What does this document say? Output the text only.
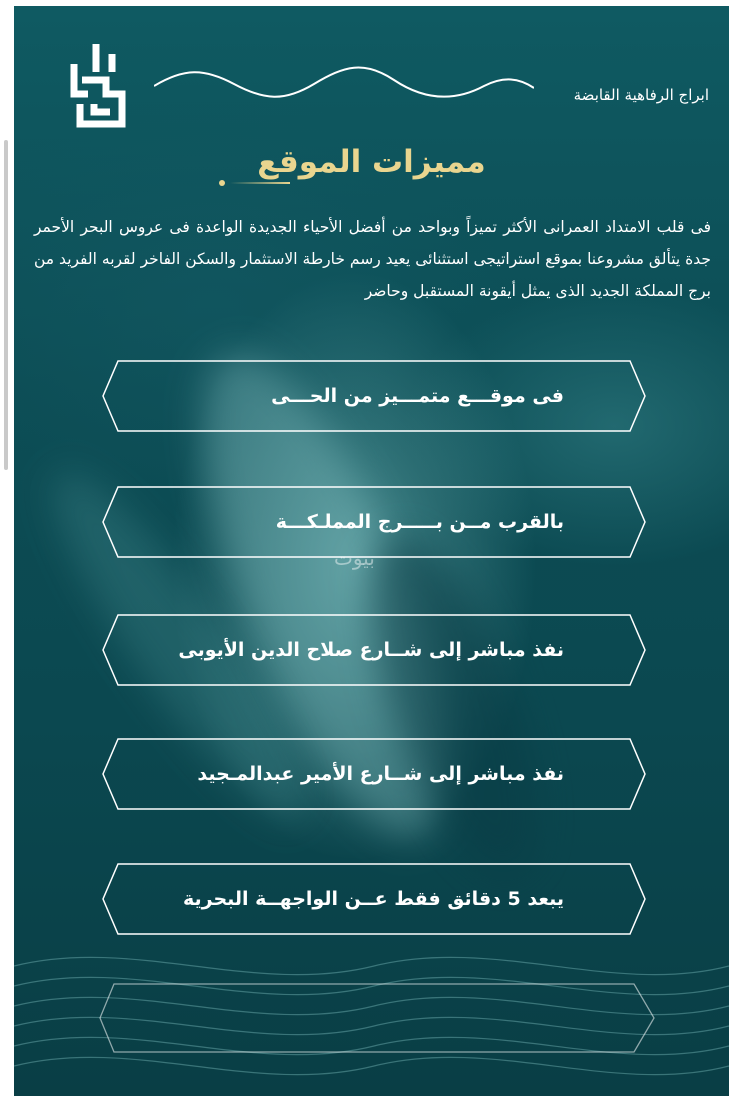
ابراج الرفاهية القابضة
مميزات الموقع
فى قلب الامتداد العمرانى الأكثر تميزاً وبواحد من أفضل الأحياء الجديدة الواعدة فى عروس البحر الأحمر جدة يتألق مشروعنا بموقع استراتيجى استثنائى يعيد رسم خارطة الاستثمار والسكن الفاخر لقربه الفريد من برج المملكة الجديد الذى يمثل أيقونة المستقبل وحاضر
فى موقـــع متمـــيز من الحـــى
بالقرب مــن بـــــرج المملـكـــة
بيوت
نفذ مباشر إلى شــارع صلاح الدين الأيوبى
نفذ مباشر إلى شــارع الأمير عبدالمـجيد
يبعد 5 دقائق فقط عــن الواجهــة البحرية
